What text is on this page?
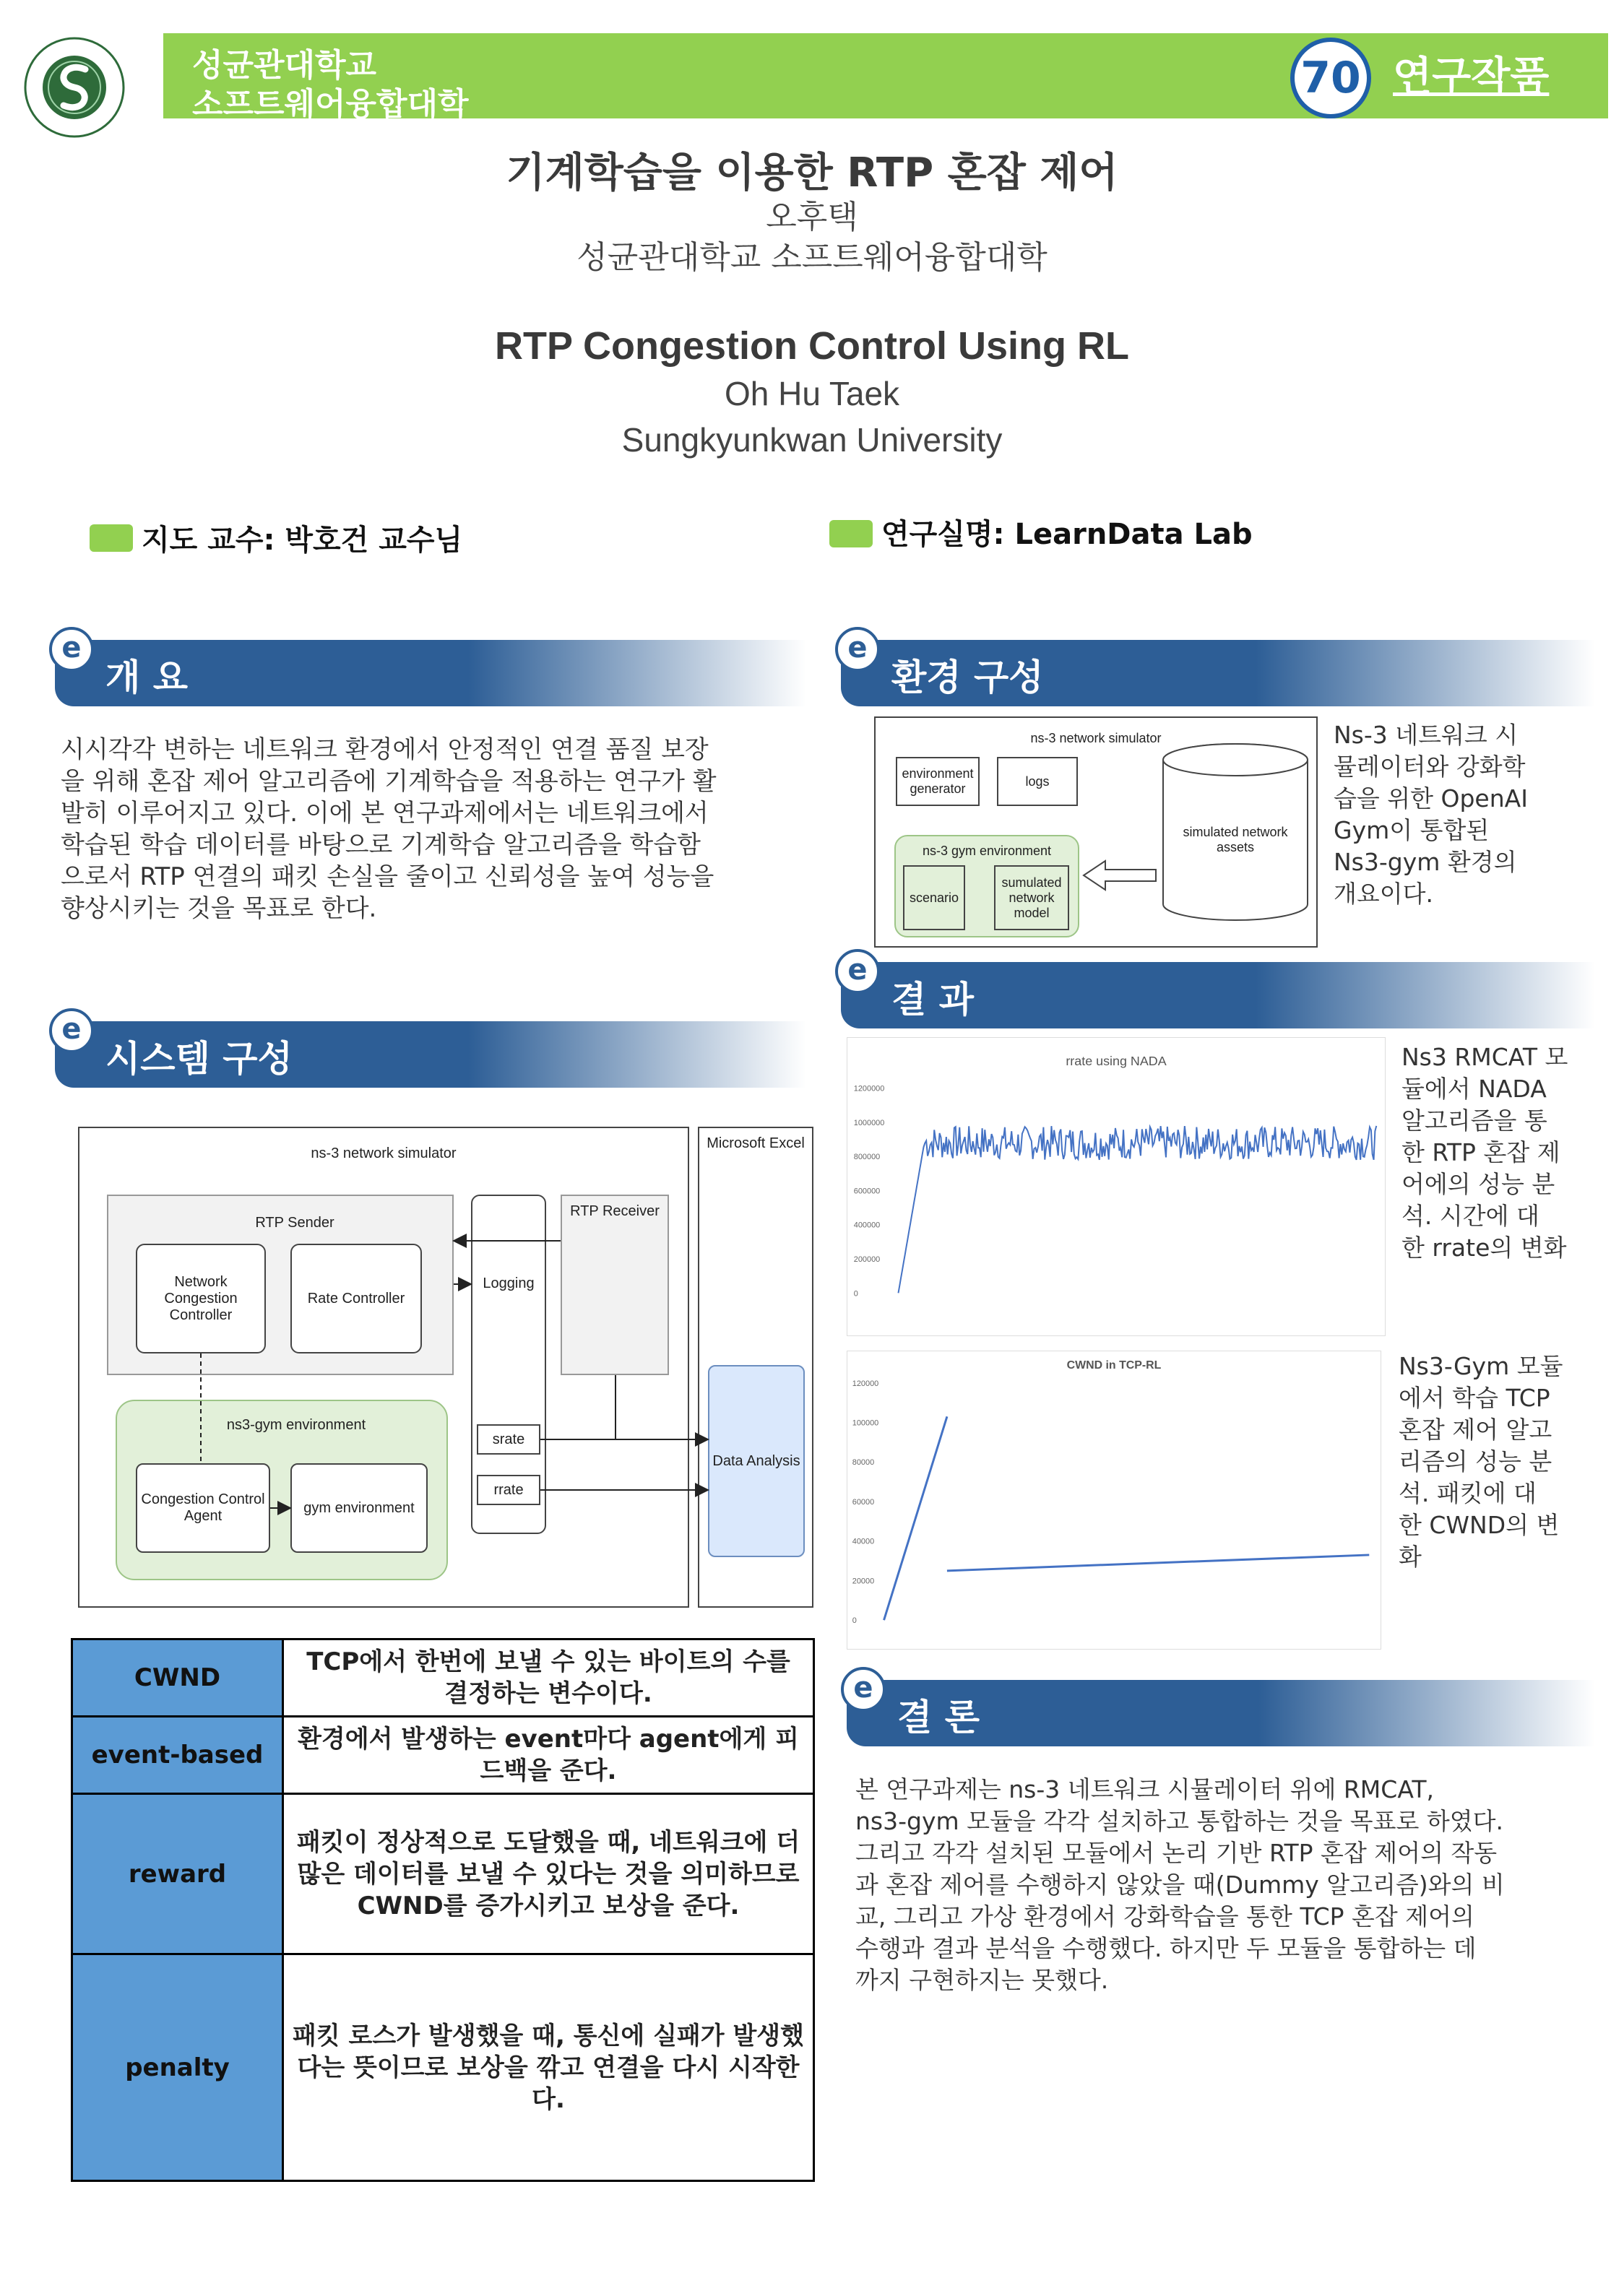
성균관대학교
소프트웨어융합대학
70 연구작품
기계학습을 이용한 RTP 혼잡 제어
오후택
성균관대학교 소프트웨어융합대학
RTP Congestion Control Using RL
Oh Hu Taek
Sungkyunkwan University
지도 교수: 박호건 교수님	연구실명: LearnData Lab
e
개 요
시시각각 변하는 네트워크 환경에서 안정적인 연결 품질 보장
을 위해 혼잡 제어 알고리즘에 기계학습을 적용하는 연구가 활
발히 이루어지고 있다. 이에 본 연구과제에서는 네트워크에서
학습된 학습 데이터를 바탕으로 기계학습 알고리즘을 학습함
으로서 RTP 연결의 패킷 손실을 줄이고 신뢰성을 높여 성능을
향상시키는 것을 목표로 한다.
e
시스템 구성
ns-3 network simulator
Microsoft Excel
RTP Sender
Network Congestion Controller
Rate Controller
Logging
RTP Receiver
ns3-gym environment
Congestion Control Agent
gym environment
srate
rrate
Data Analysis
CWND	TCP에서 한번에 보낼 수 있는 바이트의 수를 결정하는 변수이다.
event-based	환경에서 발생하는 event마다 agent에게 피드백을 준다.
reward	패킷이 정상적으로 도달했을 때, 네트워크에 더 많은 데이터를 보낼 수 있다는 것을 의미하므로 CWND를 증가시키고 보상을 준다.
penalty	패킷 로스가 발생했을 때, 통신에 실패가 발생했다는 뜻이므로 보상을 깎고 연결을 다시 시작한다.
e
환경 구성
ns-3 network simulator
environment generator
logs
ns-3 gym environment
scenario
sumulated network model
simulated network assets
Ns-3 네트워크 시
뮬레이터와 강화학
습을 위한 OpenAI
Gym이 통합된
Ns3-gym 환경의
개요이다.
e
결 과
rrate using NADA
0
200000
400000
600000
800000
1000000
1200000
Ns3 RMCAT 모
듈에서 NADA
알고리즘을 통
한 RTP 혼잡 제
어에의 성능 분
석. 시간에 대
한 rrate의 변화
CWND in TCP-RL
0
20000
40000
60000
80000
100000
120000
Ns3-Gym 모듈
에서 학습 TCP
혼잡 제어 알고
리즘의 성능 분
석. 패킷에 대
한 CWND의 변
화
e
결 론
본 연구과제는 ns-3 네트워크 시뮬레이터 위에 RMCAT,
ns3-gym 모듈을 각각 설치하고 통합하는 것을 목표로 하였다.
그리고 각각 설치된 모듈에서 논리 기반 RTP 혼잡 제어의 작동
과 혼잡 제어를 수행하지 않았을 때(Dummy 알고리즘)와의 비
교, 그리고 가상 환경에서 강화학습을 통한 TCP 혼잡 제어의
수행과 결과 분석을 수행했다. 하지만 두 모듈을 통합하는 데
까지 구현하지는 못했다.
